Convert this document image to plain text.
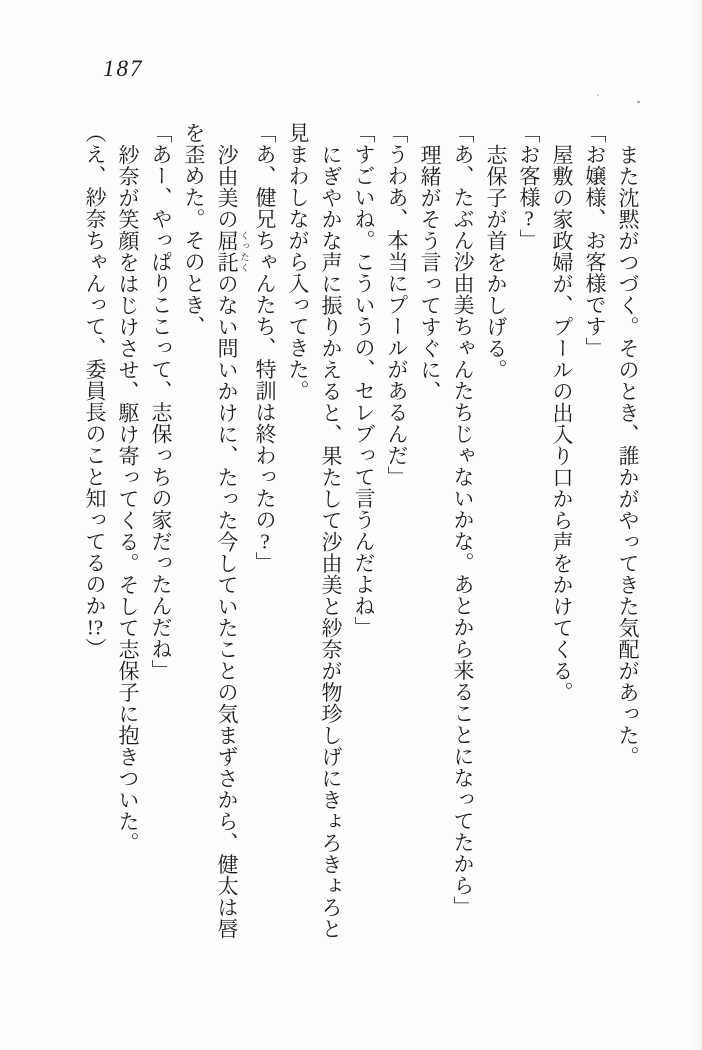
187
また沈黙がつづく。そのとき、誰かがやってきた気配があった。
「お嬢様、お客様です」
屋敷の家政婦が、プールの出入り口から声をかけてくる。
「お客様?」
志保子が首をかしげる。
「あ、たぶん沙由美ちゃんたちじゃないかな。あとから来ることになってたから」
理緒がそう言ってすぐに、
「うわあ、本当にプールがあるんだ」
「すごいね。こういうの、セレブって言うんだよね」
にぎやかな声に振りかえると、果たして沙由美と紗奈が物珍しげにきょろきょろと
見まわしながら入ってきた。
「あ、健兄ちゃんたち、特訓は終わったの?」
沙由美の屈託 くったくのない問いかけに、たった今していたことの気まずさから、健太は唇
を歪めた。そのとき、
「あー、やっぱりここって、志保っちの家だったんだね」
紗奈が笑顔をはじけさせ、駆け寄ってくる。そして志保子に抱きついた。
（え、紗奈ちゃんって、委員長のこと知ってるのか!?）
